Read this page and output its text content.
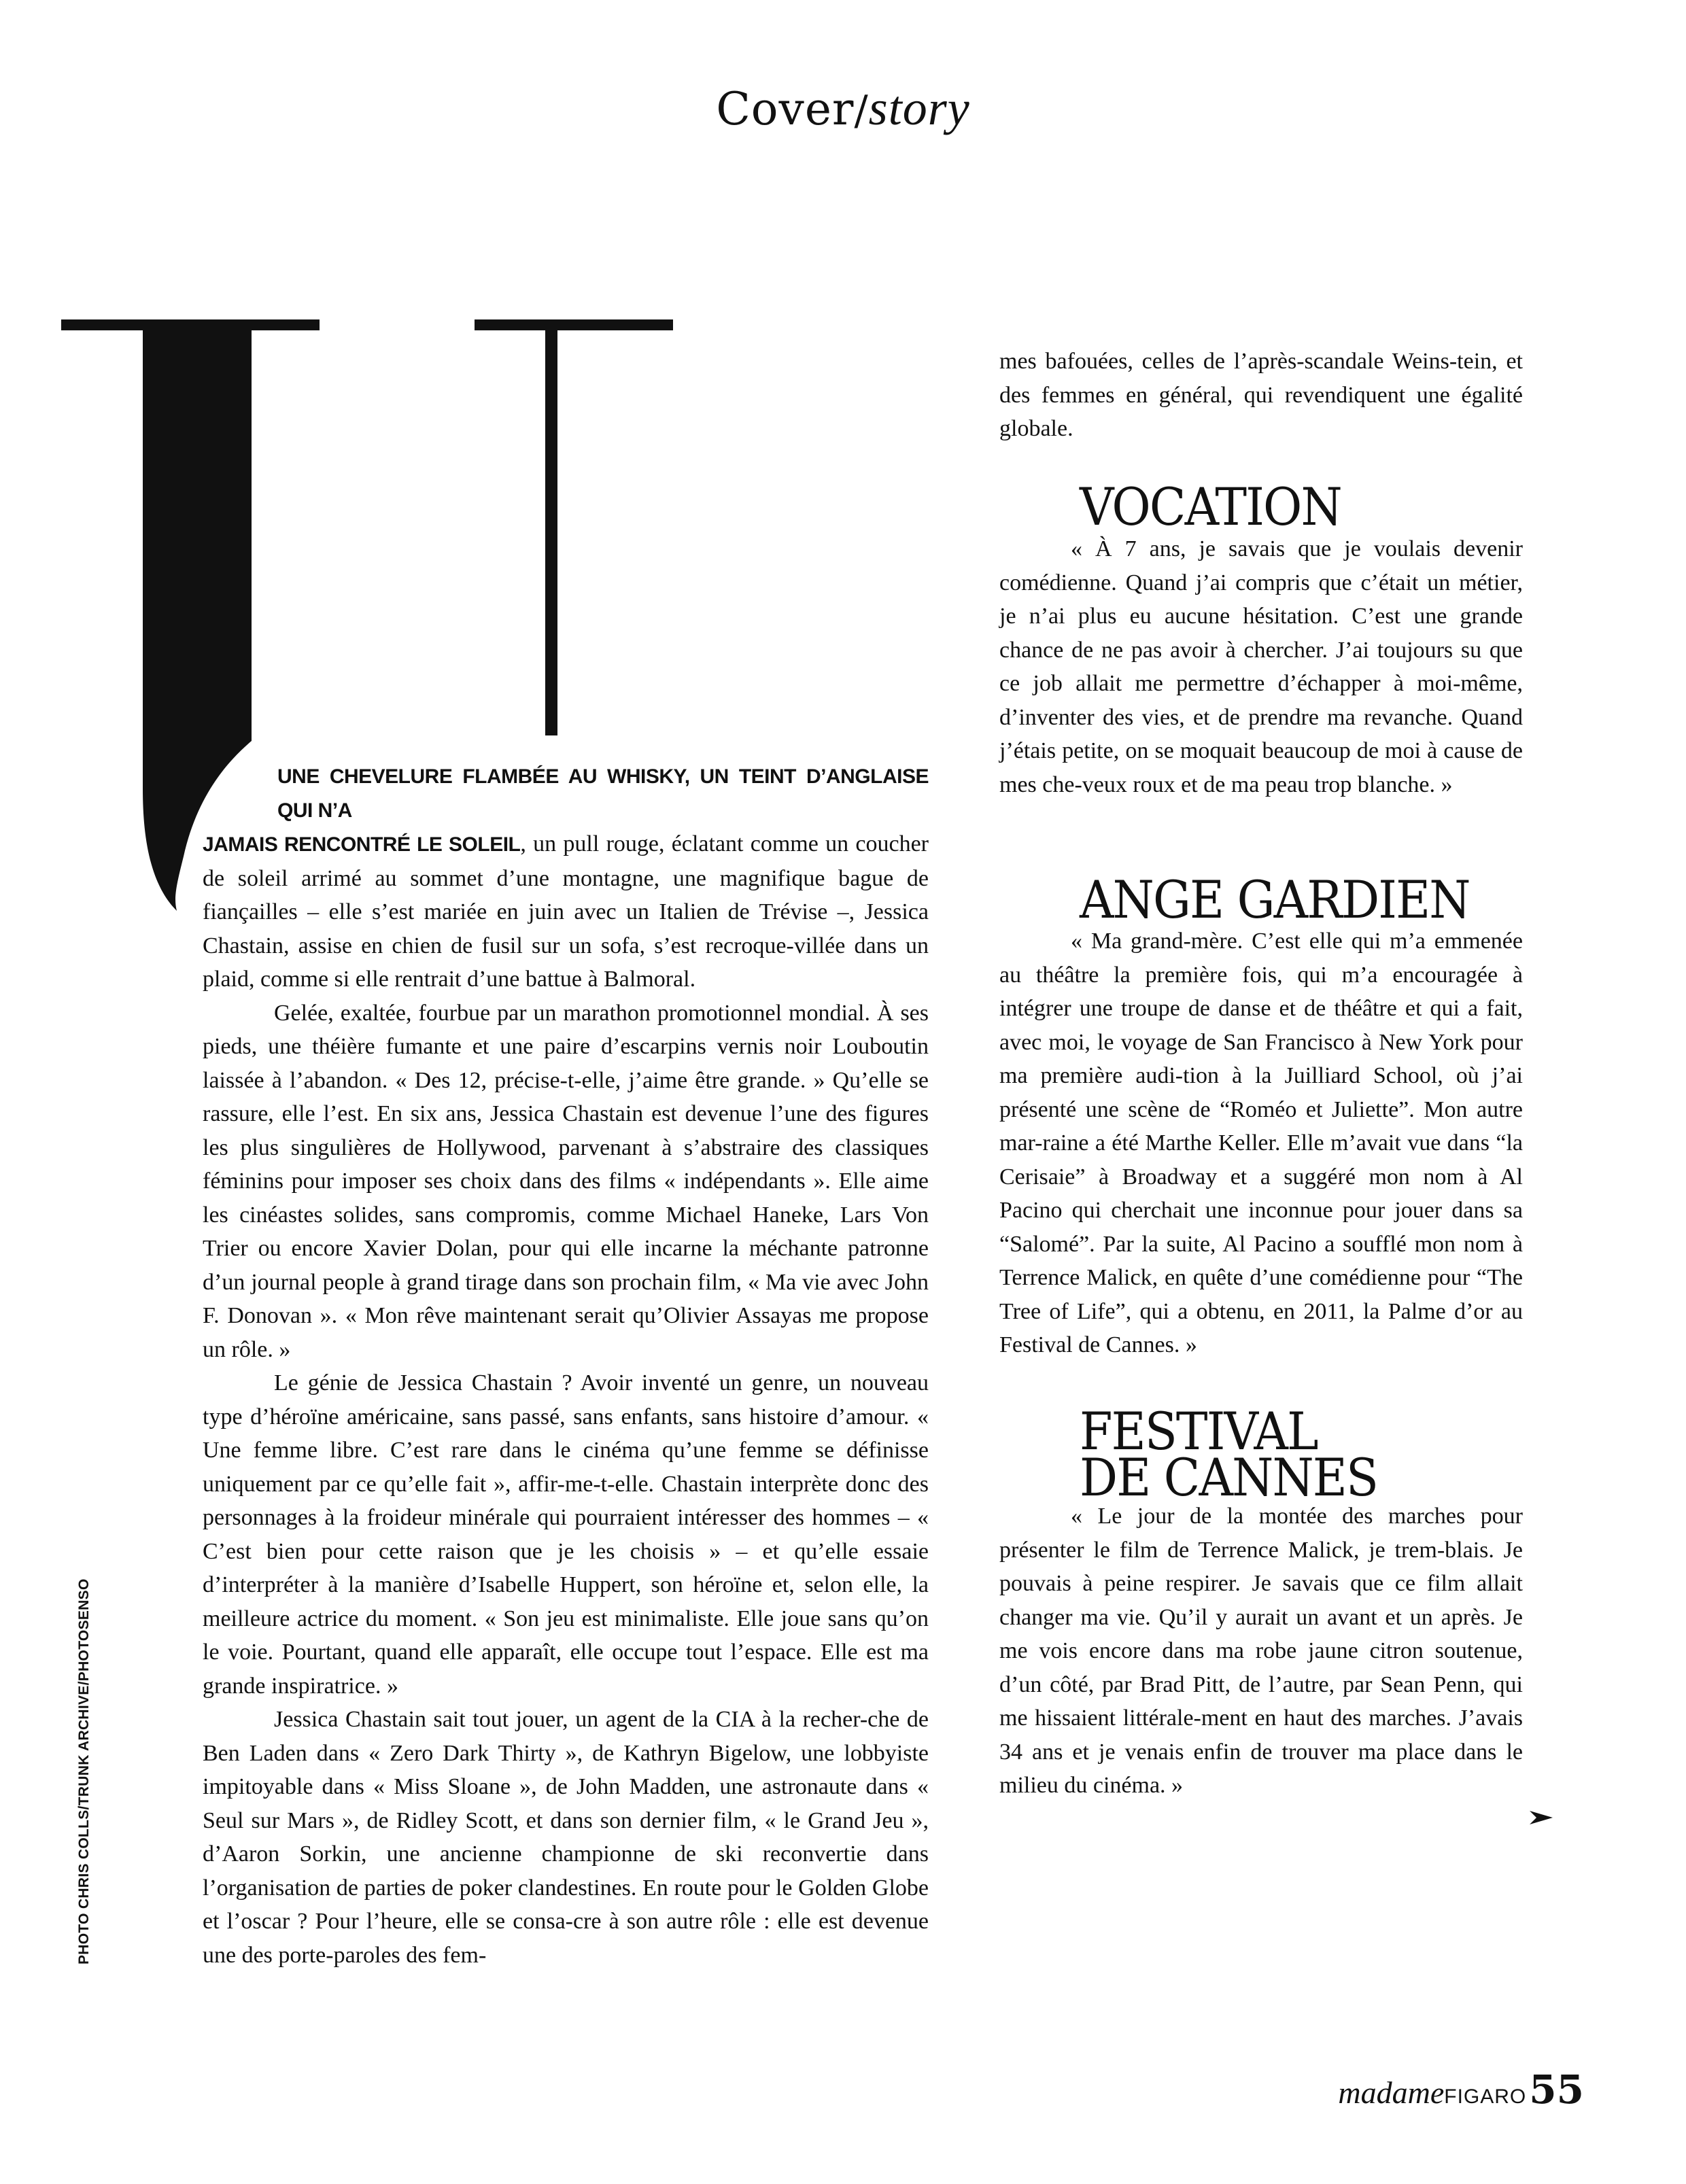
Cover/story

UNE CHEVELURE FLAMBÉE AU WHISKY, UN TEINT D’ANGLAISE QUI N’A
JAMAIS RENCONTRÉ LE SOLEIL, un pull rouge, éclatant comme un coucher de soleil arrimé au sommet d’une montagne, une magnifique bague de fiançailles – elle s’est mariée en juin avec un Italien de Trévise –, Jessica Chastain, assise en chien de fusil sur un sofa, s’est recroque-villée dans un plaid, comme si elle rentrait d’une battue à Balmoral.

Gelée, exaltée, fourbue par un marathon promotionnel mondial. À ses pieds, une théière fumante et une paire d’escarpins vernis noir Louboutin laissée à l’abandon. « Des 12, précise-t-elle, j’aime être grande. » Qu’elle se rassure, elle l’est. En six ans, Jessica Chastain est devenue l’une des figures les plus singulières de Hollywood, parvenant à s’abstraire des classiques féminins pour imposer ses choix dans des films « indépendants ». Elle aime les cinéastes solides, sans compromis, comme Michael Haneke, Lars Von Trier ou encore Xavier Dolan, pour qui elle incarne la méchante patronne d’un journal people à grand tirage dans son prochain film, « Ma vie avec John F. Donovan ». « Mon rêve maintenant serait qu’Olivier Assayas me propose un rôle. »

Le génie de Jessica Chastain ? Avoir inventé un genre, un nouveau type d’héroïne américaine, sans passé, sans enfants, sans histoire d’amour. « Une femme libre. C’est rare dans le cinéma qu’une femme se définisse uniquement par ce qu’elle fait », affir-me-t-elle. Chastain interprète donc des personnages à la froideur minérale qui pourraient intéresser des hommes – « C’est bien pour cette raison que je les choisis » – et qu’elle essaie d’interpréter à la manière d’Isabelle Huppert, son héroïne et, selon elle, la meilleure actrice du moment. « Son jeu est minimaliste. Elle joue sans qu’on le voie. Pourtant, quand elle apparaît, elle occupe tout l’espace. Elle est ma grande inspiratrice. »

Jessica Chastain sait tout jouer, un agent de la CIA à la recher-che de Ben Laden dans « Zero Dark Thirty », de Kathryn Bigelow, une lobbyiste impitoyable dans « Miss Sloane », de John Madden, une astronaute dans « Seul sur Mars », de Ridley Scott, et dans son dernier film, « le Grand Jeu », d’Aaron Sorkin, une ancienne championne de ski reconvertie dans l’organisation de parties de poker clandestines. En route pour le Golden Globe et l’oscar ? Pour l’heure, elle se consa-cre à son autre rôle : elle est devenue une des porte-paroles des fem-

mes bafouées, celles de l’après-scandale Weins-tein, et des femmes en général, qui revendiquent une égalité globale.

VOCATION

« À 7 ans, je savais que je voulais devenir comédienne. Quand j’ai compris que c’était un métier, je n’ai plus eu aucune hésitation. C’est une grande chance de ne pas avoir à chercher. J’ai toujours su que ce job allait me permettre d’échapper à moi-même, d’inventer des vies, et de prendre ma revanche. Quand j’étais petite, on se moquait beaucoup de moi à cause de mes che-veux roux et de ma peau trop blanche. »

ANGE GARDIEN

« Ma grand-mère. C’est elle qui m’a emmenée au théâtre la première fois, qui m’a encouragée à intégrer une troupe de danse et de théâtre et qui a fait, avec moi, le voyage de San Francisco à New York pour ma première audi-tion à la Juilliard School, où j’ai présenté une scène de “Roméo et Juliette”. Mon autre mar-raine a été Marthe Keller. Elle m’avait vue dans “la Cerisaie” à Broadway et a suggéré mon nom à Al Pacino qui cherchait une inconnue pour jouer dans sa “Salomé”. Par la suite, Al Pacino a soufflé mon nom à Terrence Malick, en quête d’une comédienne pour “The Tree of Life”, qui a obtenu, en 2011, la Palme d’or au Festival de Cannes. »

FESTIVAL
DE CANNES

« Le jour de la montée des marches pour présenter le film de Terrence Malick, je trem-blais. Je pouvais à peine respirer. Je savais que ce film allait changer ma vie. Qu’il y aurait un avant et un après. Je me vois encore dans ma robe jaune citron soutenue, d’un côté, par Brad Pitt, de l’autre, par Sean Penn, qui me hissaient littérale-ment en haut des marches. J’avais 34 ans et je venais enfin de trouver ma place dans le milieu du cinéma. »

PHOTO CHRIS COLLS/TRUNK ARCHIVE/PHOTOSENSO
madameFIGARO55
